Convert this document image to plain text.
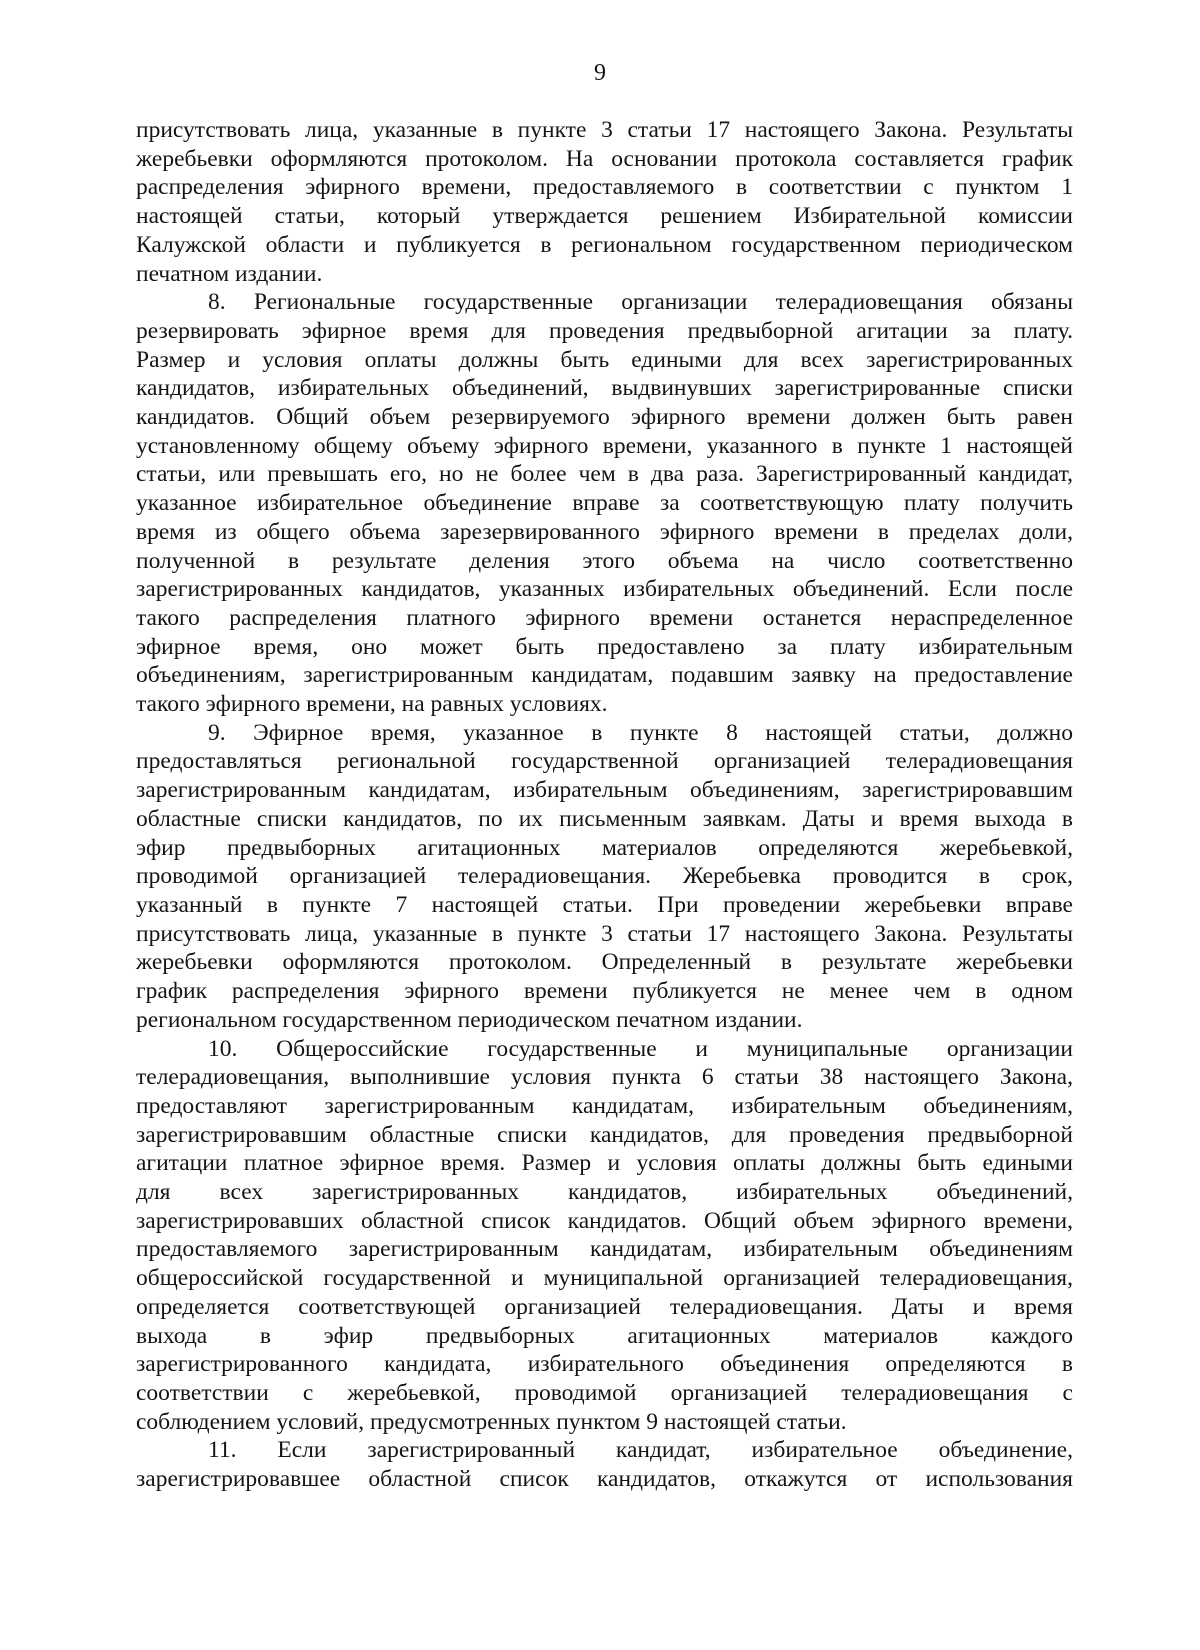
9
присутствовать лица, указанные в пункте 3 статьи 17 настоящего Закона. Результаты
жеребьевки оформляются протоколом. На основании протокола составляется график
распределения эфирного времени, предоставляемого в соответствии с пунктом 1
настоящей статьи, который утверждается решением Избирательной комиссии
Калужской области и публикуется в региональном государственном периодическом
печатном издании.
8. Региональные государственные организации телерадиовещания обязаны
резервировать эфирное время для проведения предвыборной агитации за плату.
Размер и условия оплаты должны быть едиными для всех зарегистрированных
кандидатов, избирательных объединений, выдвинувших зарегистрированные списки
кандидатов. Общий объем резервируемого эфирного времени должен быть равен
установленному общему объему эфирного времени, указанного в пункте 1 настоящей
статьи, или превышать его, но не более чем в два раза. Зарегистрированный кандидат,
указанное избирательное объединение вправе за соответствующую плату получить
время из общего объема зарезервированного эфирного времени в пределах доли,
полученной в результате деления этого объема на число соответственно
зарегистрированных кандидатов, указанных избирательных объединений. Если после
такого распределения платного эфирного времени останется нераспределенное
эфирное время, оно может быть предоставлено за плату избирательным
объединениям, зарегистрированным кандидатам, подавшим заявку на предоставление
такого эфирного времени, на равных условиях.
9. Эфирное время, указанное в пункте 8 настоящей статьи, должно
предоставляться региональной государственной организацией телерадиовещания
зарегистрированным кандидатам, избирательным объединениям, зарегистрировавшим
областные списки кандидатов, по их письменным заявкам. Даты и время выхода в
эфир предвыборных агитационных материалов определяются жеребьевкой,
проводимой организацией телерадиовещания. Жеребьевка проводится в срок,
указанный в пункте 7 настоящей статьи. При проведении жеребьевки вправе
присутствовать лица, указанные в пункте 3 статьи 17 настоящего Закона. Результаты
жеребьевки оформляются протоколом. Определенный в результате жеребьевки
график распределения эфирного времени публикуется не менее чем в одном
региональном государственном периодическом печатном издании.
10. Общероссийские государственные и муниципальные организации
телерадиовещания, выполнившие условия пункта 6 статьи 38 настоящего Закона,
предоставляют зарегистрированным кандидатам, избирательным объединениям,
зарегистрировавшим областные списки кандидатов, для проведения предвыборной
агитации платное эфирное время. Размер и условия оплаты должны быть едиными
для всех зарегистрированных кандидатов, избирательных объединений,
зарегистрировавших областной список кандидатов. Общий объем эфирного времени,
предоставляемого зарегистрированным кандидатам, избирательным объединениям
общероссийской государственной и муниципальной организацией телерадиовещания,
определяется соответствующей организацией телерадиовещания. Даты и время
выхода в эфир предвыборных агитационных материалов каждого
зарегистрированного кандидата, избирательного объединения определяются в
соответствии с жеребьевкой, проводимой организацией телерадиовещания с
соблюдением условий, предусмотренных пунктом 9 настоящей статьи.
11. Если зарегистрированный кандидат, избирательное объединение,
зарегистрировавшее областной список кандидатов, откажутся от использования
